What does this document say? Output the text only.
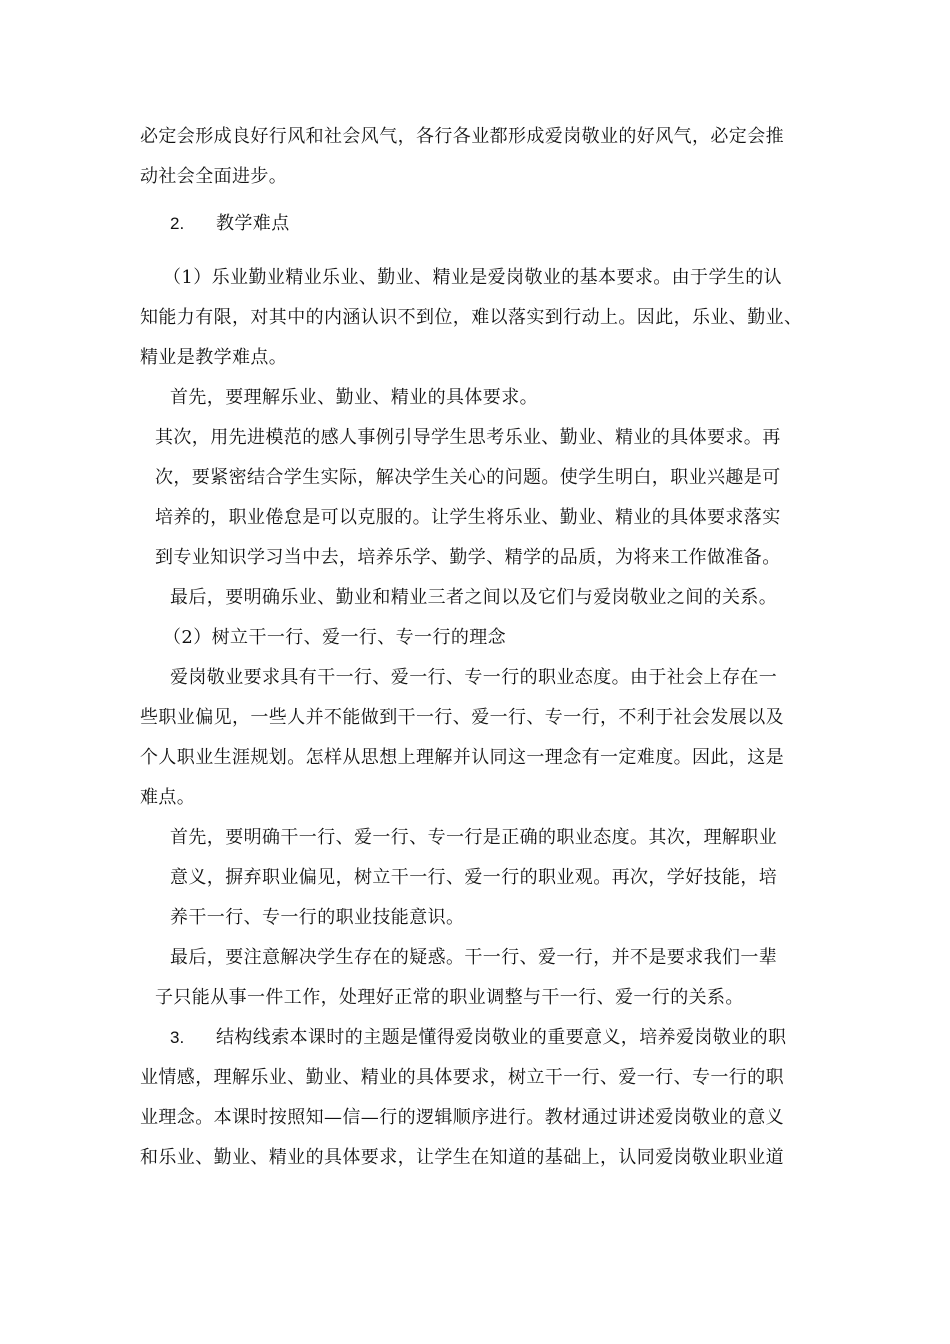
必定会形成良好行风和社会风气，各行各业都形成爱岗敬业的好风气，必定会推
动社会全面进步。
2. 教学难点
（1）乐业勤业精业乐业、勤业、精业是爱岗敬业的基本要求。由于学生的认
知能力有限，对其中的内涵认识不到位，难以落实到行动上。因此，乐业、勤业、
精业是教学难点。
首先，要理解乐业、勤业、精业的具体要求。
其次，用先进模范的感人事例引导学生思考乐业、勤业、精业的具体要求。再
次，要紧密结合学生实际，解决学生关心的问题。使学生明白，职业兴趣是可
培养的，职业倦怠是可以克服的。让学生将乐业、勤业、精业的具体要求落实
到专业知识学习当中去，培养乐学、勤学、精学的品质，为将来工作做准备。
最后，要明确乐业、勤业和精业三者之间以及它们与爱岗敬业之间的关系。
（2）树立干一行、爱一行、专一行的理念
爱岗敬业要求具有干一行、爱一行、专一行的职业态度。由于社会上存在一
些职业偏见，一些人并不能做到干一行、爱一行、专一行，不利于社会发展以及
个人职业生涯规划。怎样从思想上理解并认同这一理念有一定难度。因此，这是
难点。
首先，要明确干一行、爱一行、专一行是正确的职业态度。其次，理解职业
意义，摒弃职业偏见，树立干一行、爱一行的职业观。再次，学好技能，培
养干一行、专一行的职业技能意识。
最后，要注意解决学生存在的疑惑。干一行、爱一行，并不是要求我们一辈
子只能从事一件工作，处理好正常的职业调整与干一行、爱一行的关系。
3. 结构线索本课时的主题是懂得爱岗敬业的重要意义，培养爱岗敬业的职
业情感，理解乐业、勤业、精业的具体要求，树立干一行、爱一行、专一行的职
业理念。本课时按照知—信—行的逻辑顺序进行。教材通过讲述爱岗敬业的意义
和乐业、勤业、精业的具体要求，让学生在知道的基础上，认同爱岗敬业职业道
